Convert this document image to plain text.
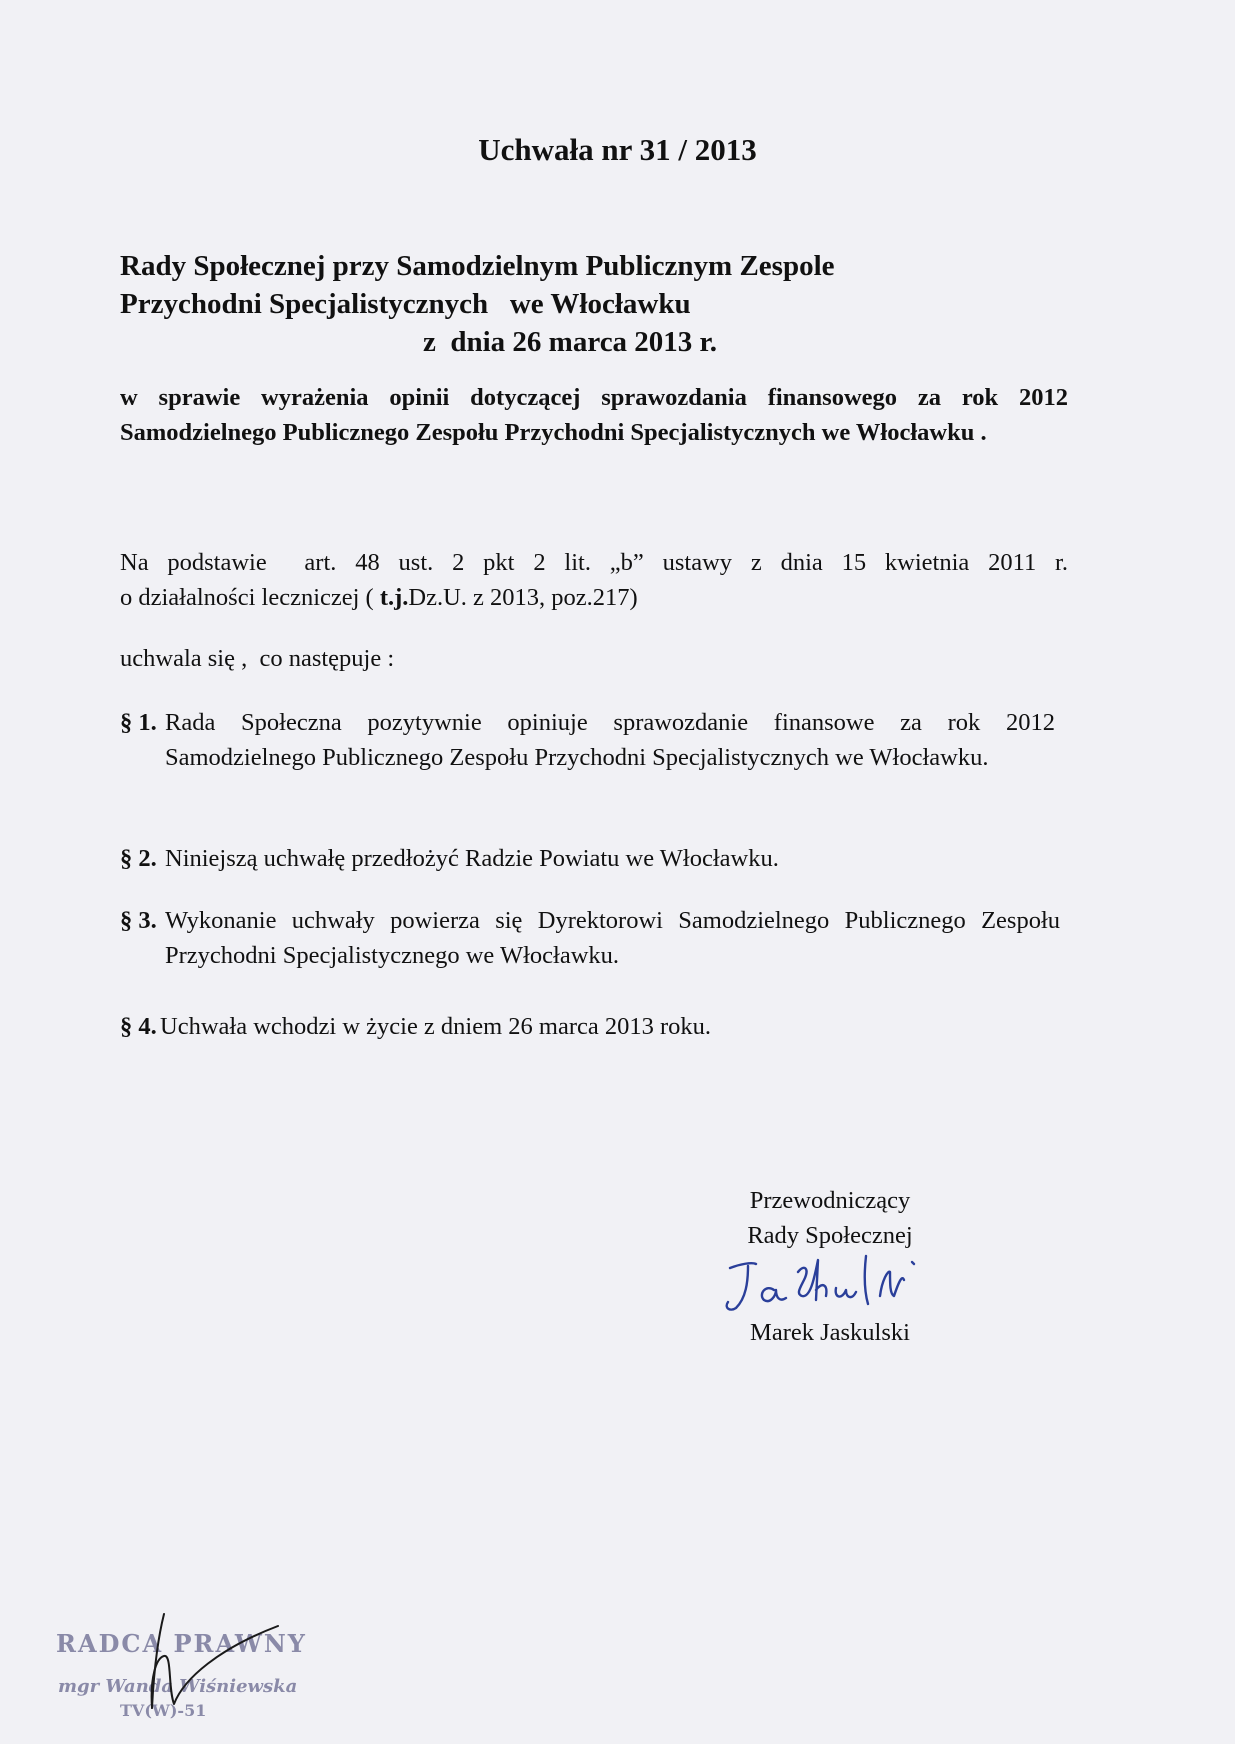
Uchwała nr 31 / 2013
Rady Społecznej przy Samodzielnym Publicznym Zespole
Przychodni Specjalistycznych   we Włocławku
z  dnia 26 marca 2013 r.
w sprawie wyrażenia opinii dotyczącej sprawozdania finansowego za rok 2012 Samodzielnego Publicznego Zespołu Przychodni Specjalistycznych we Włocławku .
Na podstawie  art. 48 ust. 2 pkt 2 lit. „b” ustawy z dnia 15 kwietnia 2011 r.
o działalności leczniczej ( t.j.Dz.U. z 2013, poz.217)
uchwala się ,  co następuje :
§ 1. Rada Społeczna pozytywnie opiniuje sprawozdanie finansowe za rok 2012 Samodzielnego Publicznego Zespołu Przychodni Specjalistycznych we Włocławku.
§ 2. Niniejszą uchwałę przedłożyć Radzie Powiatu we Włocławku.
§ 3. Wykonanie uchwały powierza się Dyrektorowi Samodzielnego Publicznego Zespołu Przychodni Specjalistycznego we Włocławku.
§ 4. Uchwała wchodzi w życie z dniem 26 marca 2013 roku.
Przewodniczący
Rady Społecznej
Marek Jaskulski
RADCA PRAWNY
mgr Wanda Wiśniewska
TV(W)-51
